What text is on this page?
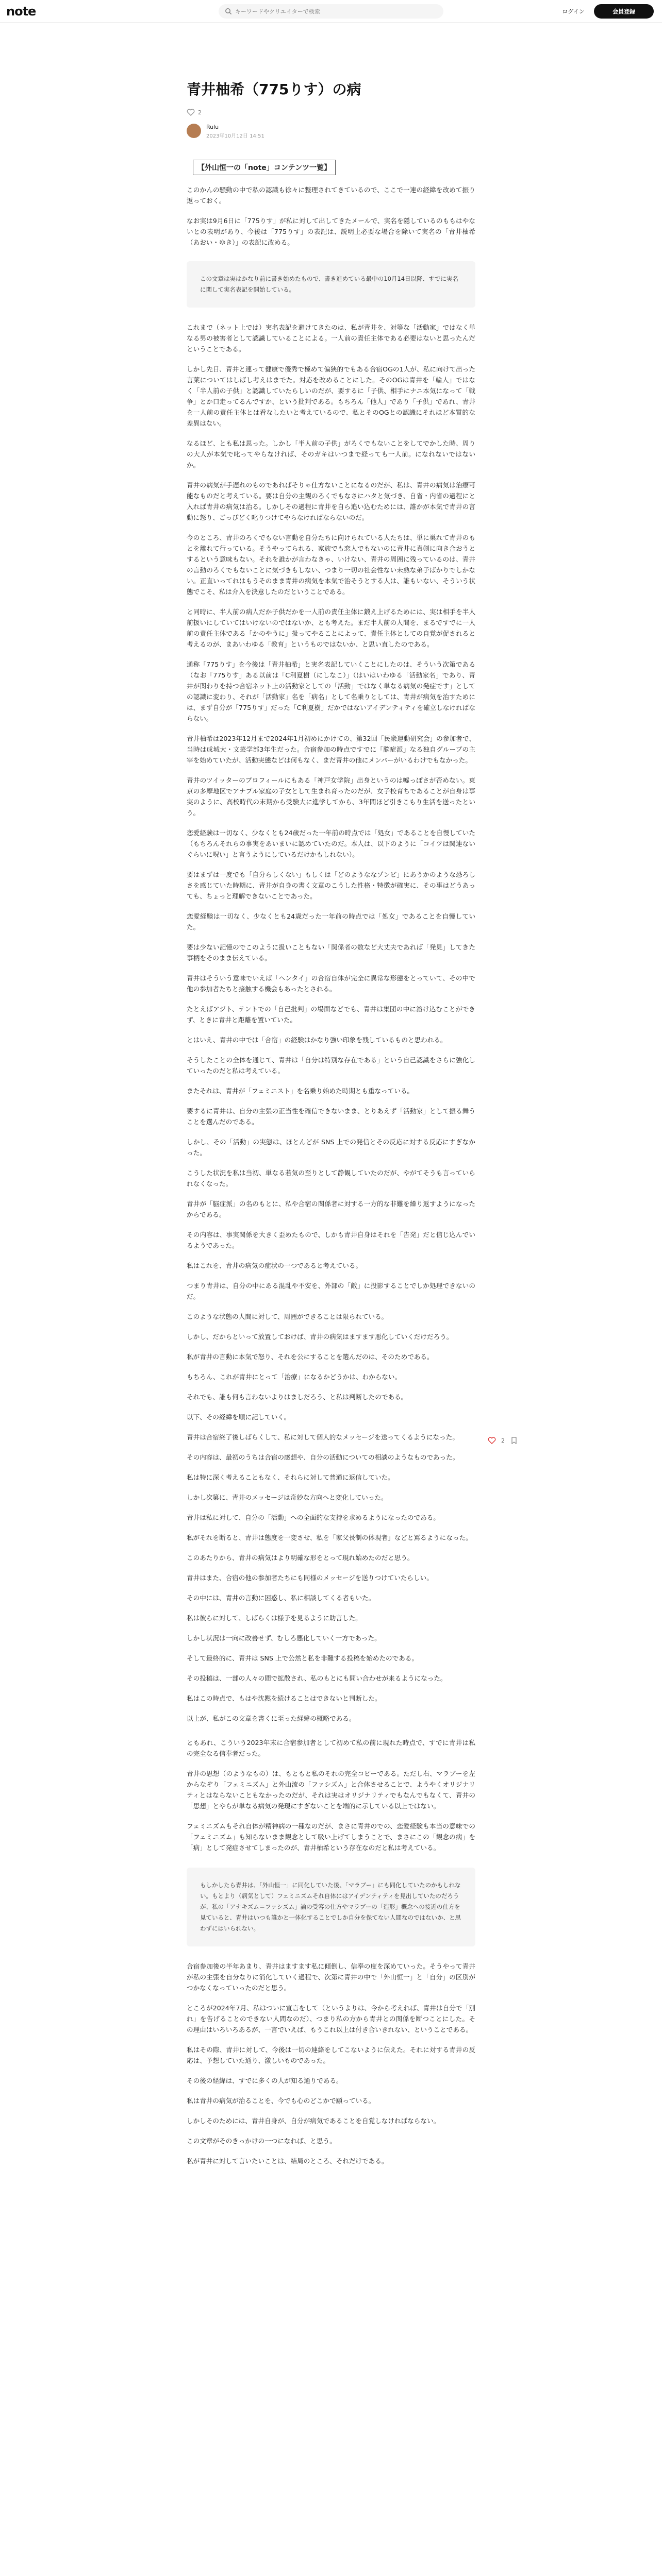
note
キーワードやクリエイターで検索	ログイン	会員登録
青井柚希（775りす）の病
2
Rulu
2023年10月12日 14:51
【外山恒一の「note」コンテンツ一覧】

このかんの騒動の中で私の認識も徐々に整理されてきているので、ここで一連の経緯を改めて振り返っておく。

なお実は9月6日に「775りす」が私に対して出してきたメールで、実名を隠しているのももはやないとの表明があり、今後は「775りす」の表記は、説明上必要な場合を除いて実名の「青井柚希（あおい・ゆき）」の表記に改める。

この文章は実はかなり前に書き始めたもので、書き進めている最中の10月14日以降、すでに実名に関して実名表記を開始している。

これまで（ネット上では）実名表記を避けてきたのは、私が青井を、対等な「活動家」ではなく単なる男の被害者として認識していることによる。一人前の責任主体である必要はないと思ったんだということである。

しかし先日、青井と連って健康で優秀で極めて偏狭的でもある合宿OGの1人が、私に向けて出った言葉についてはしばし考えはまでた。対応を改めることにした。そのOGは青井を「輪人」ではなく「半人前の子供」と認識していたらしいのだが、要するに「子供、相手にナニ本気になって「戦争」とか口走ってるんですか、という批判である。もちろん「他人」であり「子供」であれ、青井を一人前の責任主体とは看なしたいと考えているので、私とそのOGとの認識にそれほど本質的な差異はない。

なるほど、とも私は思った。しかし「半人前の子供」がろくでもないことをしてでかした時、周りの大人が本気で叱ってやらなければ、そのガキはいつまで経っても一人前。になれないではないか。

青井の病気が手遅れのものであればそりゃ仕方ないことになるのだが、私は、青井の病気は治療可能なものだと考えている。要は自分の主観のろくでもなさにハタと気づき、自省・内省の過程にと入れば青井の病気は治る。しかしその過程に青井を自ら追い込むためには、誰かが本気で青井の言動に怒り、ごっぴどく叱りつけてやらなければならないのだ。

今のところ、青井のろくでもない言動を自分たちに向けられている人たちは、単に巣れて青井のもとを離れて行っている。そうやってられる、家族でも恋人でもないのに青井に真剣に向き合おうとするという意味もない。それを誰かが言わなきゃ、いけない、青井の周囲に残っているのは、青井の言動のろくでもないことに気づきもしない、つまり一切の社会性ない未熟な弟子ばかりでしかない。正直いってれはもうそのまま青井の病気を本気で治そうとする人は、誰もいない、そういう状態でこそ、私は介入を決意したのだということである。

と同時に、半人前の病人だか子供だかを一人前の責任主体に鍛え上げるためには、実は相手を半人前扱いにしていてはいけないのではないか、とも考えた。まだ半人前の人間を、まるですでに一人前の責任主体である「かのやうに」扱ってやることによって、責任主体としての自覚が促されると考えるのが、まあいわゆる「教育」というものではないか、と思い直したのである。

通称「775りす」を今後は「青井柚希」と実名表記していくことにしたのは、そういう次第である（なお「775りす」ある以前は「C利夏樹（にしなこ）」（はいはいわゆる「活動家名」であり、青井が関わりを持つ合宿ネット上の活動家としての「活動」ではなく単なる病気の発症です」としての認識に変わり、それが「活動家」名を「病名」として名乗りとしては、青井が病気を治すためには、まず自分が「775りす」だった「C利夏樹」だかではないアイデンティティを確立しなければならない。

青井柚希は2023年12月まで2024年1月初めにかけての、第32回「民衆運動研究会」の参加者で、当時は成城大・文芸学部3年生だった。合宿参加の時点ですでに「脳症派」なる独自グループの主宰を始めていたが、活動実態などは何もなく、まだ青井の他にメンバーがいるわけでもなかった。

青井のツイッターのプロフィールにもある「神戸女学院」出身というのは嘘っぽさが否めない。東京の多摩地区でアナプル家庭の子女として生まれ育ったのだが、女子校育ちであることが自身は事実のように、高校時代の末期から受験大に進学してから、3年間ほど引きこもり生活を送ったという。

恋愛経験は一切なく、少なくとも24歳だった一年前の時点では「処女」であることを自慢していた（もちろんそれらの事実をあいまいに認めていたのだ。本人は、以下のように「コイツは関連ないぐらいに呪い」と言うようにしているだけかもしれない）。

要はまずは一度でも「自分らしくない」もしくは「どのようななゾンビ」にあうかのような恐ろしさを感じていた時期に、青井が自身の書く文章のこうした性格・特徴が確実に、その事はどうあっても、ちょっと理解できないことであった。

恋愛経験は一切なく、少なくとも24歳だった一年前の時点では「処女」であることを自慢していた。

要は少ない記憶のでこのように扱いこともない「関係者の数など大丈夫であれば「発見」してきた事柄をそのまま伝えている。

青井はそういう意味でいえば「ヘンタイ」の合宿自体が完全に異常な形態をとっていて、その中で他の参加者たちと接触する機会もあったとされる。

たとえばアジト、テントでの「自己批判」の場面などでも、青井は集団の中に溶け込むことができず、ときに青井と距離を置いていた。

とはいえ、青井の中では「合宿」の経験はかなり強い印象を残しているものと思われる。

そうしたことの全体を通じて、青井は「自分は特別な存在である」という自己認識をさらに強化していったのだと私は考えている。

またそれは、青井が「フェミニスト」を名乗り始めた時期とも重なっている。

要するに青井は、自分の主張の正当性を確信できないまま、とりあえず「活動家」として振る舞うことを選んだのである。

しかし、その「活動」の実態は、ほとんどが SNS 上での発信とその反応に対する反応にすぎなかった。

こうした状況を私は当初、単なる若気の至りとして静観していたのだが、やがてそうも言っていられなくなった。

青井が「脳症派」の名のもとに、私や合宿の関係者に対する一方的な非難を繰り返すようになったからである。

その内容は、事実関係を大きく歪めたもので、しかも青井自身はそれを「告発」だと信じ込んでいるようであった。

私はこれを、青井の病気の症状の一つであると考えている。

つまり青井は、自分の中にある混乱や不安を、外部の「敵」に投影することでしか処理できないのだ。

このような状態の人間に対して、周囲ができることは限られている。

しかし、だからといって放置しておけば、青井の病気はますます悪化していくだけだろう。

私が青井の言動に本気で怒り、それを公にすることを選んだのは、そのためである。

もちろん、これが青井にとって「治療」になるかどうかは、わからない。

それでも、誰も何も言わないよりはましだろう、と私は判断したのである。

以下、その経緯を順に記していく。

青井は合宿終了後しばらくして、私に対して個人的なメッセージを送ってくるようになった。

その内容は、最初のうちは合宿の感想や、自分の活動についての相談のようなものであった。

私は特に深く考えることもなく、それらに対して普通に返信していた。

しかし次第に、青井のメッセージは奇妙な方向へと変化していった。

青井は私に対して、自分の「活動」への全面的な支持を求めるようになったのである。

私がそれを断ると、青井は態度を一変させ、私を「家父長制の体現者」などと罵るようになった。

このあたりから、青井の病気はより明確な形をとって現れ始めたのだと思う。

青井はまた、合宿の他の参加者たちにも同様のメッセージを送りつけていたらしい。

その中には、青井の言動に困惑し、私に相談してくる者もいた。

私は彼らに対して、しばらくは様子を見るように助言した。

しかし状況は一向に改善せず、むしろ悪化していく一方であった。

そして最終的に、青井は SNS 上で公然と私を非難する投稿を始めたのである。

その投稿は、一部の人々の間で拡散され、私のもとにも問い合わせが来るようになった。

私はこの時点で、もはや沈黙を続けることはできないと判断した。

以上が、私がこの文章を書くに至った経緯の概略である。

ともあれ、こういう2023年末に合宿参加者として初めて私の前に現れた時点で、すでに青井は私の完全なる信奉者だった。

青井の思想（のようなもの）は、もともと私のそれの完全コピーである。ただし右、マラブーを左からなぞり「フェミニズム」と外山流の「ファシズム」と合体させることで、ようやくオリジナリティとはならないこともなかったのだが、それは実はオリジナリティでもなんでもなくて、青井の「思想」とやらが単なる病気の発現にすぎないことを端的に示している以上ではない。

フェミニズムもそれ自体が精神病の一種なのだが、まさに青井のでの、恋愛経験も本当の意味での「フェミニズム」も知らないまま観念として吸い上げてしまうことで、まさにこの「観念の病」を「病」として発症させてしまったのが、青井柚希という存在なのだと私は考えている。

もしかしたら青井は、「外山恒一」に同化していた後、「マラブー」にも同化していたのかもしれない。もとより（病気として）フェミニズムそれ自体にはアイデンティティを見出していたのだろうが、私の「アナキズム＝ファシズム」論の受容の仕方やマラブーの「造形」概念への接近の仕方を見ていると、青井はいつも誰かと一体化することでしか自分を保てない人間なのではないか、と思わずにはいられない。

合宿参加後の半年あまり、青井はますます私に傾倒し、信奉の度を深めていった。そうやって青井が私の主張を自分なりに消化していく過程で、次第に青井の中で「外山恒一」と「自分」の区別がつかなくなっていったのだと思う。

ところが2024年7月、私はついに宣言をして（というよりは、今から考えれば、青井は自分で「別れ」を告げることのできない人間なのだ）、つまり私の方から青井との関係を断つことにした。その理由はいろいろあるが、一言でいえば、もうこれ以上は付き合いきれない、ということである。

私はその際、青井に対して、今後は一切の連絡をしてこないように伝えた。それに対する青井の反応は、予想していた通り、激しいものであった。

その後の経緯は、すでに多くの人が知る通りである。

私は青井の病気が治ることを、今でも心のどこかで願っている。

しかしそのためには、青井自身が、自分が病気であることを自覚しなければならない。

この文章がそのきっかけの一つになれば、と思う。

私が青井に対して言いたいことは、結局のところ、それだけである。

2
